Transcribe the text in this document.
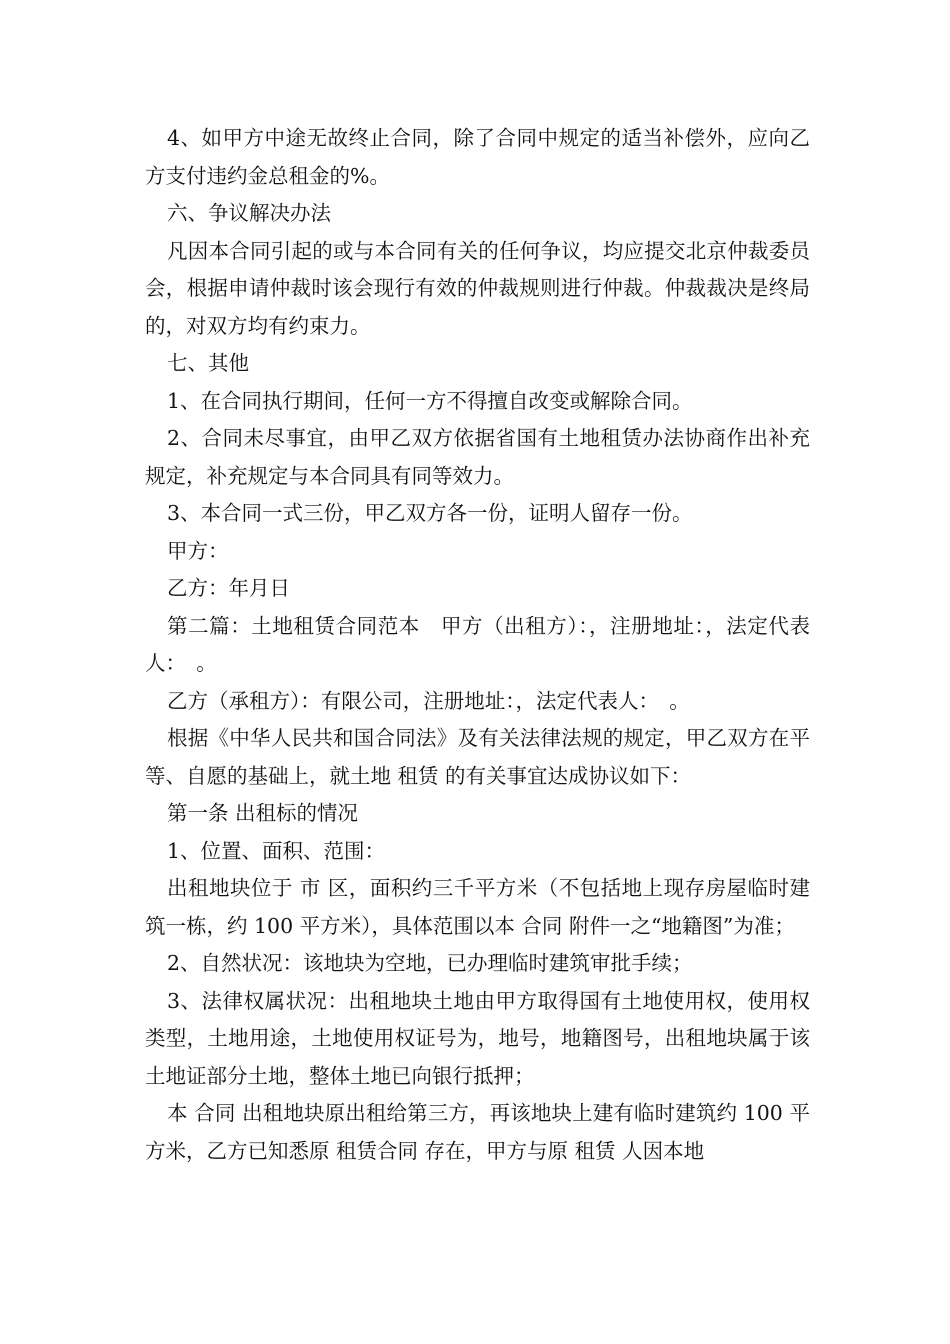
4、如甲方中途无故终止合同，除了合同中规定的适当补偿外，应向乙方支付违约金总租金的%。

六、争议解决办法

凡因本合同引起的或与本合同有关的任何争议，均应提交北京仲裁委员会，根据申请仲裁时该会现行有效的仲裁规则进行仲裁。仲裁裁决是终局的，对双方均有约束力。

七、其他

1、在合同执行期间，任何一方不得擅自改变或解除合同。

2、合同未尽事宜，由甲乙双方依据省国有土地租赁办法协商作出补充规定，补充规定与本合同具有同等效力。

3、本合同一式三份，甲乙双方各一份，证明人留存一份。

甲方：

乙方：年月日

第二篇：土地租赁合同范本　甲方（出租方）：，注册地址：，法定代表人：　。

乙方（承租方）：有限公司，注册地址：，法定代表人：　。

根据《中华人民共和国合同法》及有关法律法规的规定，甲乙双方在平等、自愿的基础上，就土地 租赁 的有关事宜达成协议如下：

第一条 出租标的情况

1、位置、面积、范围：

出租地块位于 市 区，面积约三千平方米（不包括地上现存房屋临时建筑一栋，约 100 平方米），具体范围以本 合同 附件一之“地籍图”为准；

2、自然状况：该地块为空地，已办理临时建筑审批手续；

3、法律权属状况：出租地块土地由甲方取得国有土地使用权，使用权类型，土地用途，土地使用权证号为，地号，地籍图号，出租地块属于该土地证部分土地，整体土地已向银行抵押；

本 合同 出租地块原出租给第三方，再该地块上建有临时建筑约 100 平方米，乙方已知悉原 租赁合同 存在，甲方与原 租赁 人因本地
